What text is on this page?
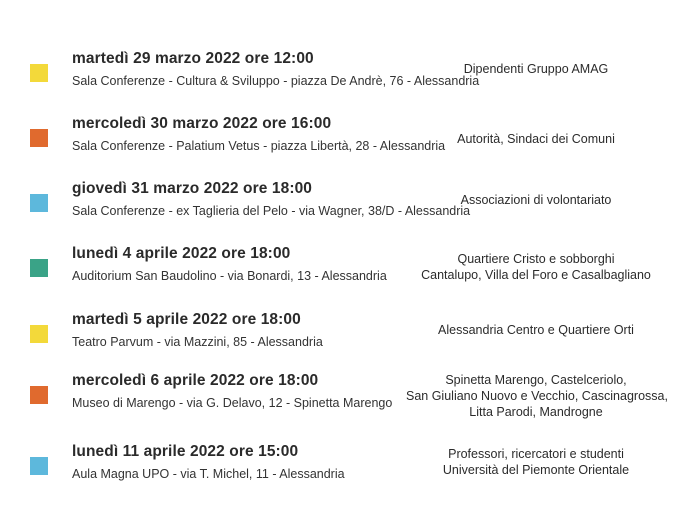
martedì 29 marzo 2022 ore 12:00
Sala Conferenze - Cultura & Sviluppo - piazza De Andrè, 76 - Alessandria
Dipendenti Gruppo AMAG
mercoledì 30 marzo 2022 ore 16:00
Sala Conferenze - Palatium Vetus - piazza Libertà, 28 - Alessandria Autorità, Sindaci dei Comuni
giovedì 31 marzo 2022 ore 18:00
Sala Conferenze - ex Taglieria del Pelo - via Wagner, 38/D - Alessandria
Associazioni di volontariato
lunedì 4 aprile 2022 ore 18:00
Auditorium San Baudolino - via Bonardi, 13 - Alessandria
Quartiere Cristo e sobborghi
Cantalupo, Villa del Foro e Casalbagliano
martedì 5 aprile 2022 ore 18:00
Teatro Parvum - via Mazzini, 85 - Alessandria
Alessandria Centro e Quartiere Orti
mercoledì 6 aprile 2022 ore 18:00
Museo di Marengo - via G. Delavo, 12 - Spinetta Marengo
Spinetta Marengo, Castelceriolo,
San Giuliano Nuovo e Vecchio, Cascinagrossa,
Litta Parodi, Mandrogne
lunedì 11 aprile 2022 ore 15:00
Aula Magna UPO - via T. Michel, 11 - Alessandria
Professori, ricercatori e studenti
Università del Piemonte Orientale
